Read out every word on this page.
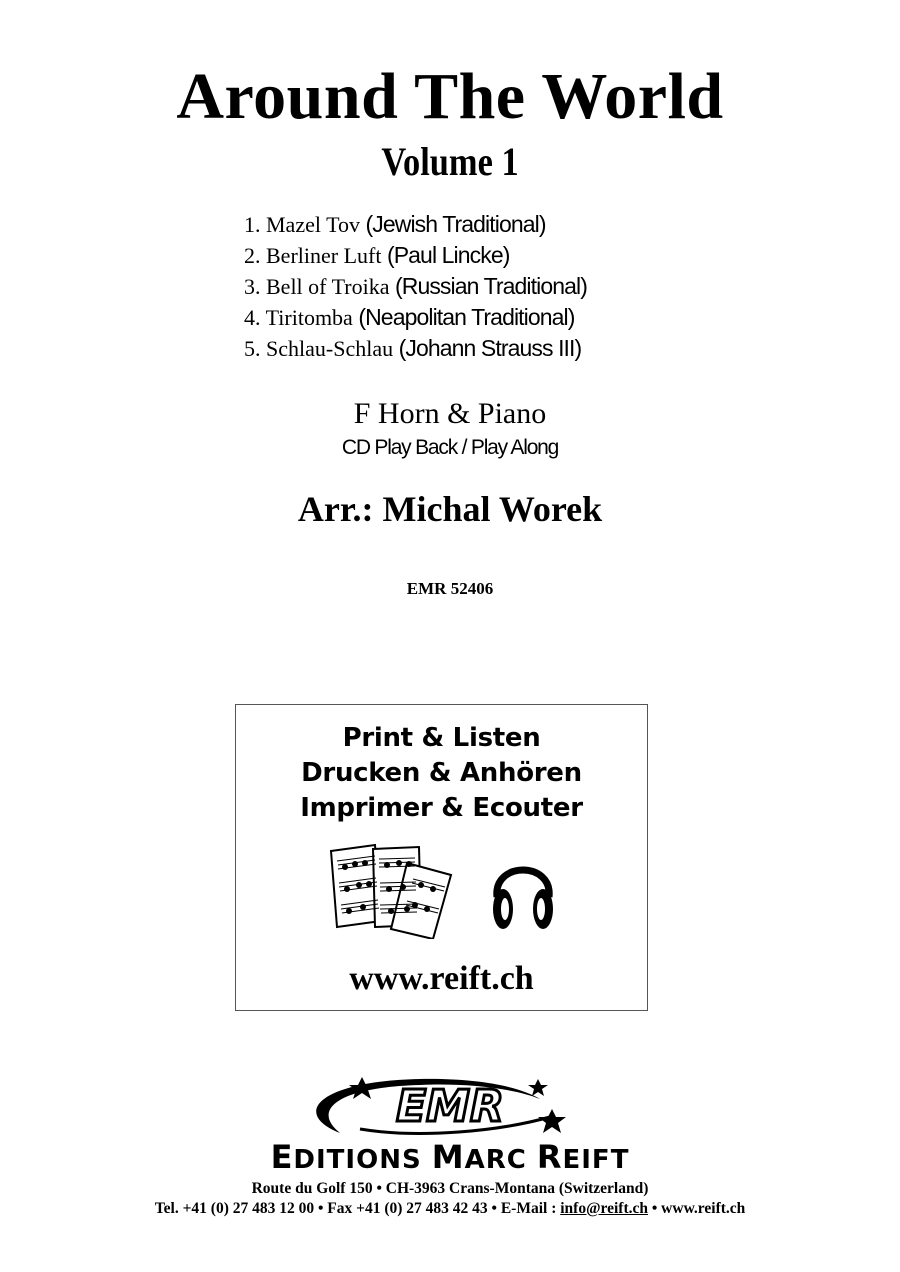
Around The World
Volume 1
1. Mazel Tov (Jewish Traditional)
2. Berliner Luft (Paul Lincke)
3. Bell of Troika (Russian Traditional)
4. Tiritomba (Neapolitan Traditional)
5. Schlau-Schlau (Johann Strauss III)
F Horn & Piano
CD Play Back / Play Along
Arr.: Michal Worek
EMR 52406
Print & Listen
Drucken & Anhören
Imprimer & Ecouter
www.reift.ch
EMR
EDITIONS MARC REIFT
Route du Golf 150 • CH-3963 Crans-Montana (Switzerland)
Tel. +41 (0) 27 483 12 00 • Fax +41 (0) 27 483 42 43 • E-Mail : info@reift.ch • www.reift.ch
